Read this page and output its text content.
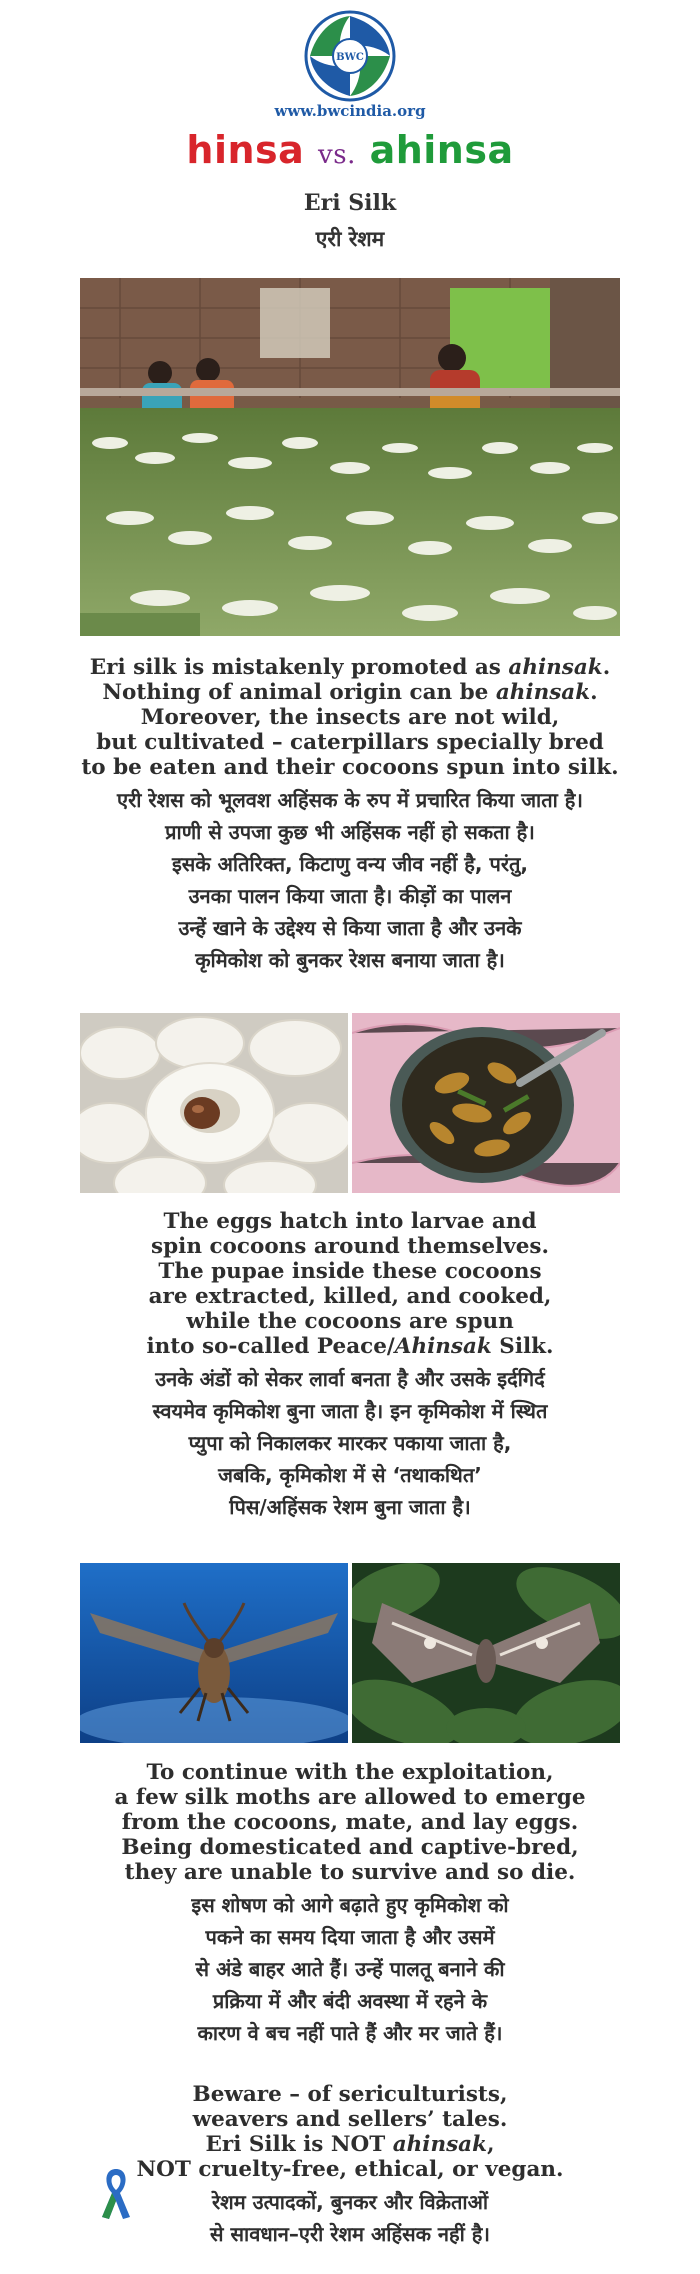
BWC
www.bwcindia.org
hinsa vs. ahinsa
Eri Silk
एरी रेशम
Eri silk is mistakenly promoted as ahinsak.
Nothing of animal origin can be ahinsak.
Moreover, the insects are not wild,
but cultivated – caterpillars specially bred
to be eaten and their cocoons spun into silk.
एरी रेशस को भूलवश अहिंसक के रुप में प्रचारित किया जाता है।
प्राणी से उपजा कुछ भी अहिंसक नहीं हो सकता है।
इसके अतिरिक्त, किटाणु वन्य जीव नहीं है, परंतु,
उनका पालन किया जाता है। कीड़ों का पालन
उन्हें खाने के उद्देश्य से किया जाता है और उनके
कृमिकोश को बुनकर रेशस बनाया जाता है।
The eggs hatch into larvae and
spin cocoons around themselves.
The pupae inside these cocoons
are extracted, killed, and cooked,
while the cocoons are spun
into so-called Peace/Ahinsak Silk.
उनके अंडों को सेकर लार्वा बनता है और उसके इर्दगिर्द
स्वयमेव कृमिकोश बुना जाता है। इन कृमिकोश में स्थित
प्युपा को निकालकर मारकर पकाया जाता है,
जबकि, कृमिकोश में से ‘तथाकथित’
पिस/अहिंसक रेशम बुना जाता है।
To continue with the exploitation,
a few silk moths are allowed to emerge
from the cocoons, mate, and lay eggs.
Being domesticated and captive-bred,
they are unable to survive and so die.
इस शोषण को आगे बढ़ाते हुए कृमिकोश को
पकने का समय दिया जाता है और उसमें
से अंडे बाहर आते हैं। उन्हें पालतू बनाने की
प्रक्रिया में और बंदी अवस्था में रहने के
कारण वे बच नहीं पाते हैं और मर जाते हैं।
Beware – of sericulturists,
weavers and sellers’ tales.
Eri Silk is NOT ahinsak,
NOT cruelty-free, ethical, or vegan.
रेशम उत्पादकों, बुनकर और विक्रेताओं
से सावधान–एरी रेशम अहिंसक नहीं है।
